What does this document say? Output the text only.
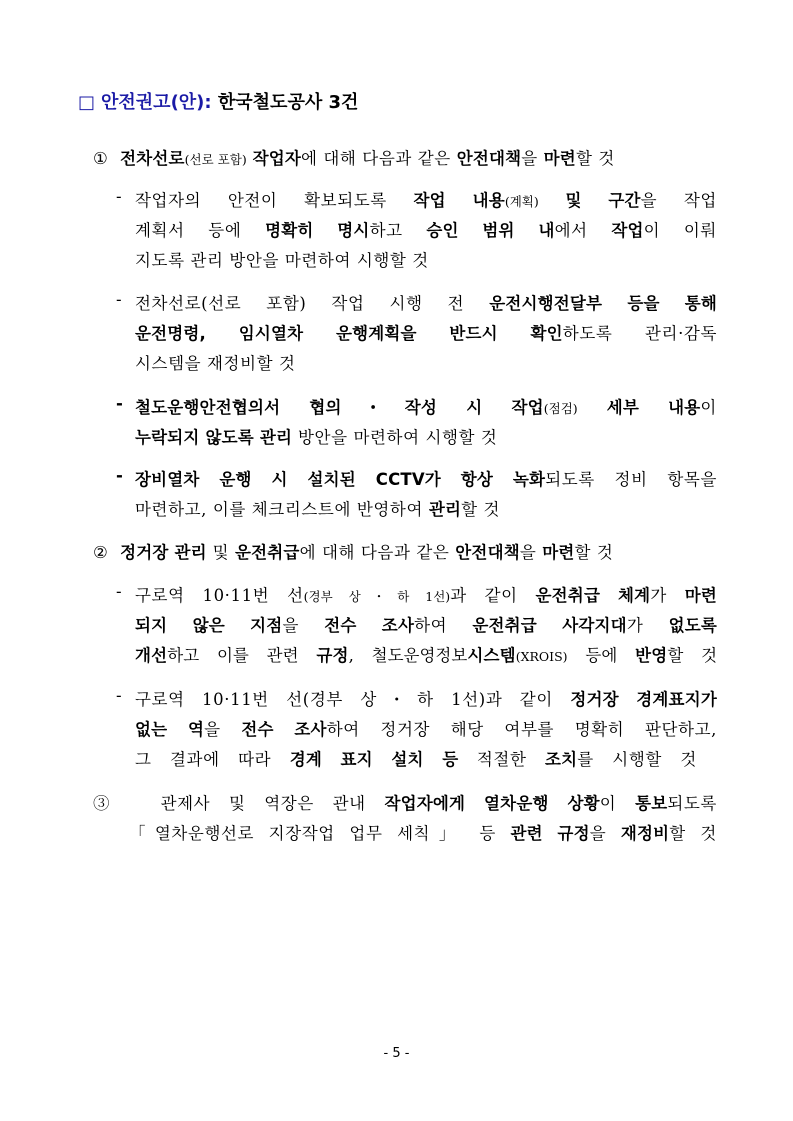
□ 안전권고(안): 한국철도공사 3건
① 전차선로(선로 포함) 작업자에 대해 다음과 같은 안전대책을 마련할 것
- 작업자의 안전이 확보되도록 작업 내용(계획) 및 구간을 작업
계획서 등에 명확히 명시하고 승인 범위 내에서 작업이 이뤄
지도록 관리 방안을 마련하여 시행할 것
- 전차선로(선로 포함) 작업 시행 전 운전시행전달부 등을 통해
운전명령, 임시열차 운행계획을 반드시 확인하도록 관리·감독
시스템을 재정비할 것
- 철도운행안전협의서 협의・작성 시 작업(점검) 세부 내용이
누락되지 않도록 관리 방안을 마련하여 시행할 것
- 장비열차 운행 시 설치된 CCTV가 항상 녹화되도록 정비 항목을
마련하고, 이를 체크리스트에 반영하여 관리할 것
② 정거장 관리 및 운전취급에 대해 다음과 같은 안전대책을 마련할 것
- 구로역 10·11번 선(경부 상・하 1선)과 같이 운전취급 체계가 마련
되지 않은 지점을 전수 조사하여 운전취급 사각지대가 없도록
개선하고 이를 관련 규정, 철도운영정보시스템(XROIS) 등에 반영할 것
- 구로역 10·11번 선(경부 상・하 1선)과 같이 정거장 경계표지가
없는 역을 전수 조사하여 정거장 해당 여부를 명확히 판단하고,
그 결과에 따라 경계 표지 설치 등 적절한 조치를 시행할 것
③ 관제사 및 역장은 관내 작업자에게 열차운행 상황이 통보되도록
「열차운행선로 지장작업 업무 세칙」 등 관련 규정을 재정비할 것
- 5 -
